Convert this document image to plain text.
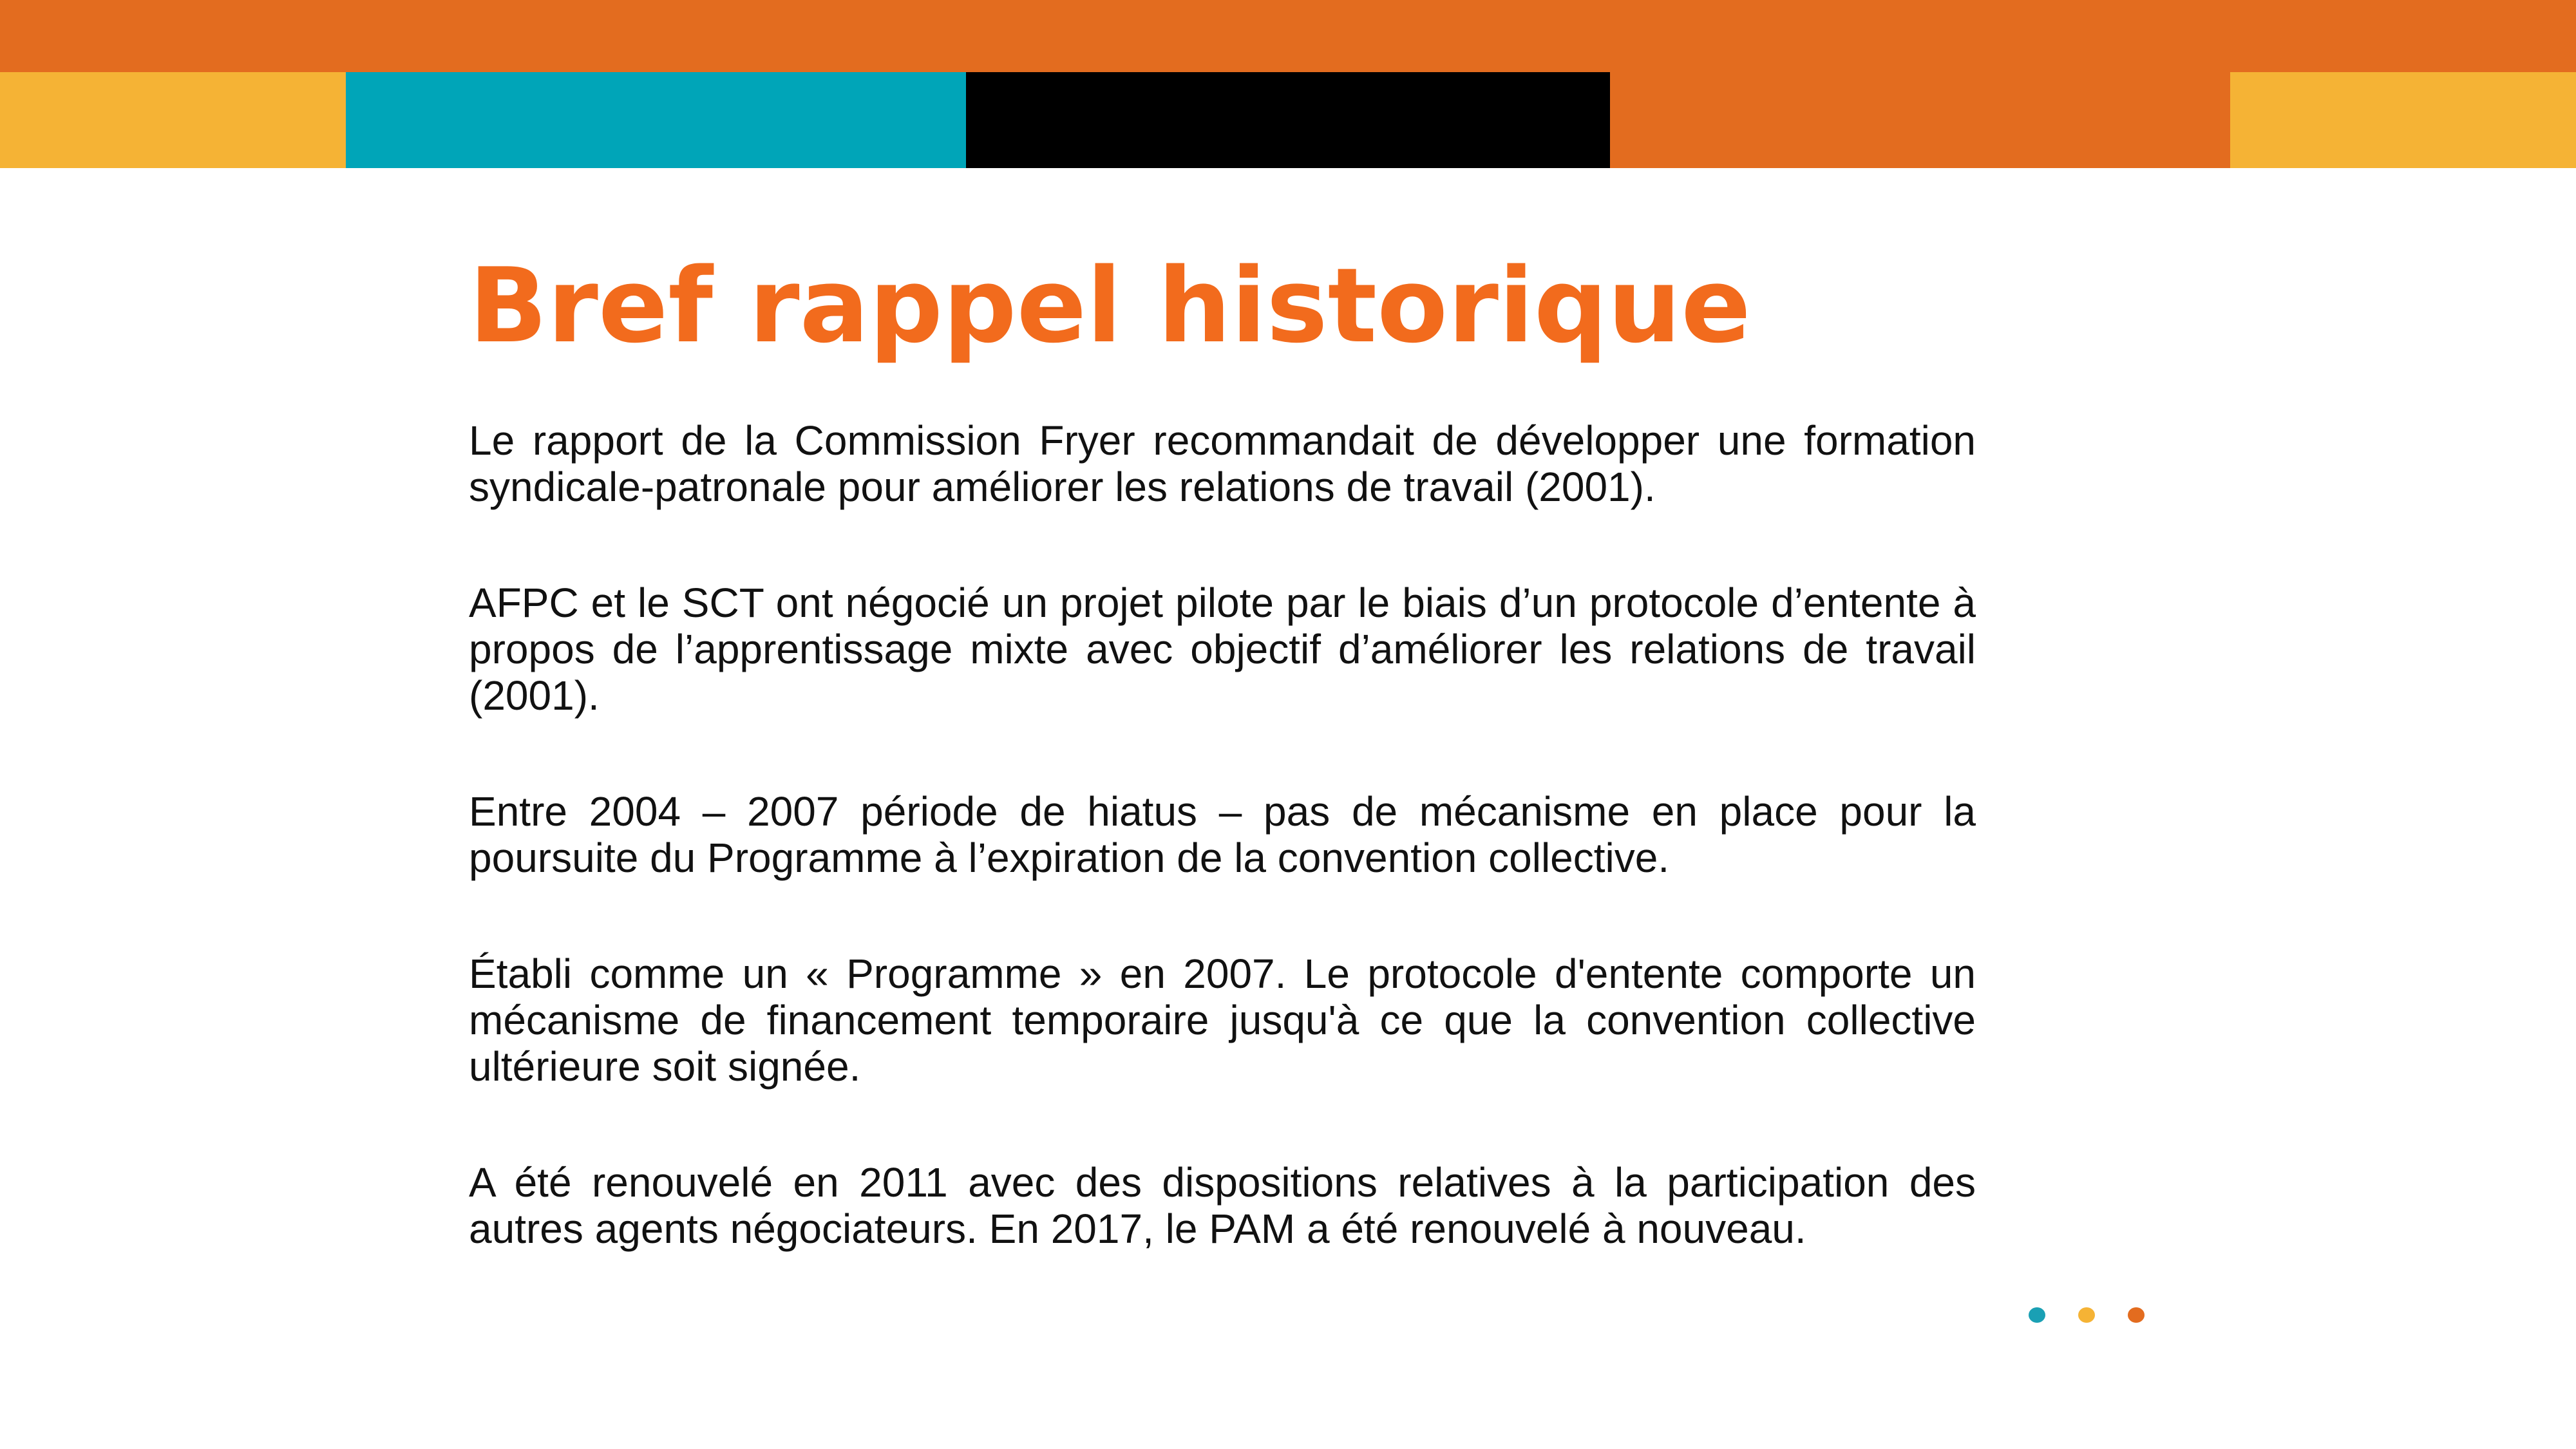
Bref rappel historique

Le rapport de la Commission Fryer recommandait de développer une formation syndicale-patronale pour améliorer les relations de travail (2001).

AFPC et le SCT ont négocié un projet pilote par le biais d’un protocole d’entente à propos de l’apprentissage mixte avec objectif d’améliorer les relations de travail (2001).

Entre 2004 – 2007 période de hiatus – pas de mécanisme en place pour la poursuite du Programme à l’expiration de la convention collective.

Établi comme un « Programme » en 2007. Le protocole d'entente comporte un mécanisme de financement temporaire jusqu'à ce que la convention collective ultérieure soit signée.

A été renouvelé en 2011 avec des dispositions relatives à la participation des autres agents négociateurs. En 2017, le PAM a été renouvelé à nouveau.
